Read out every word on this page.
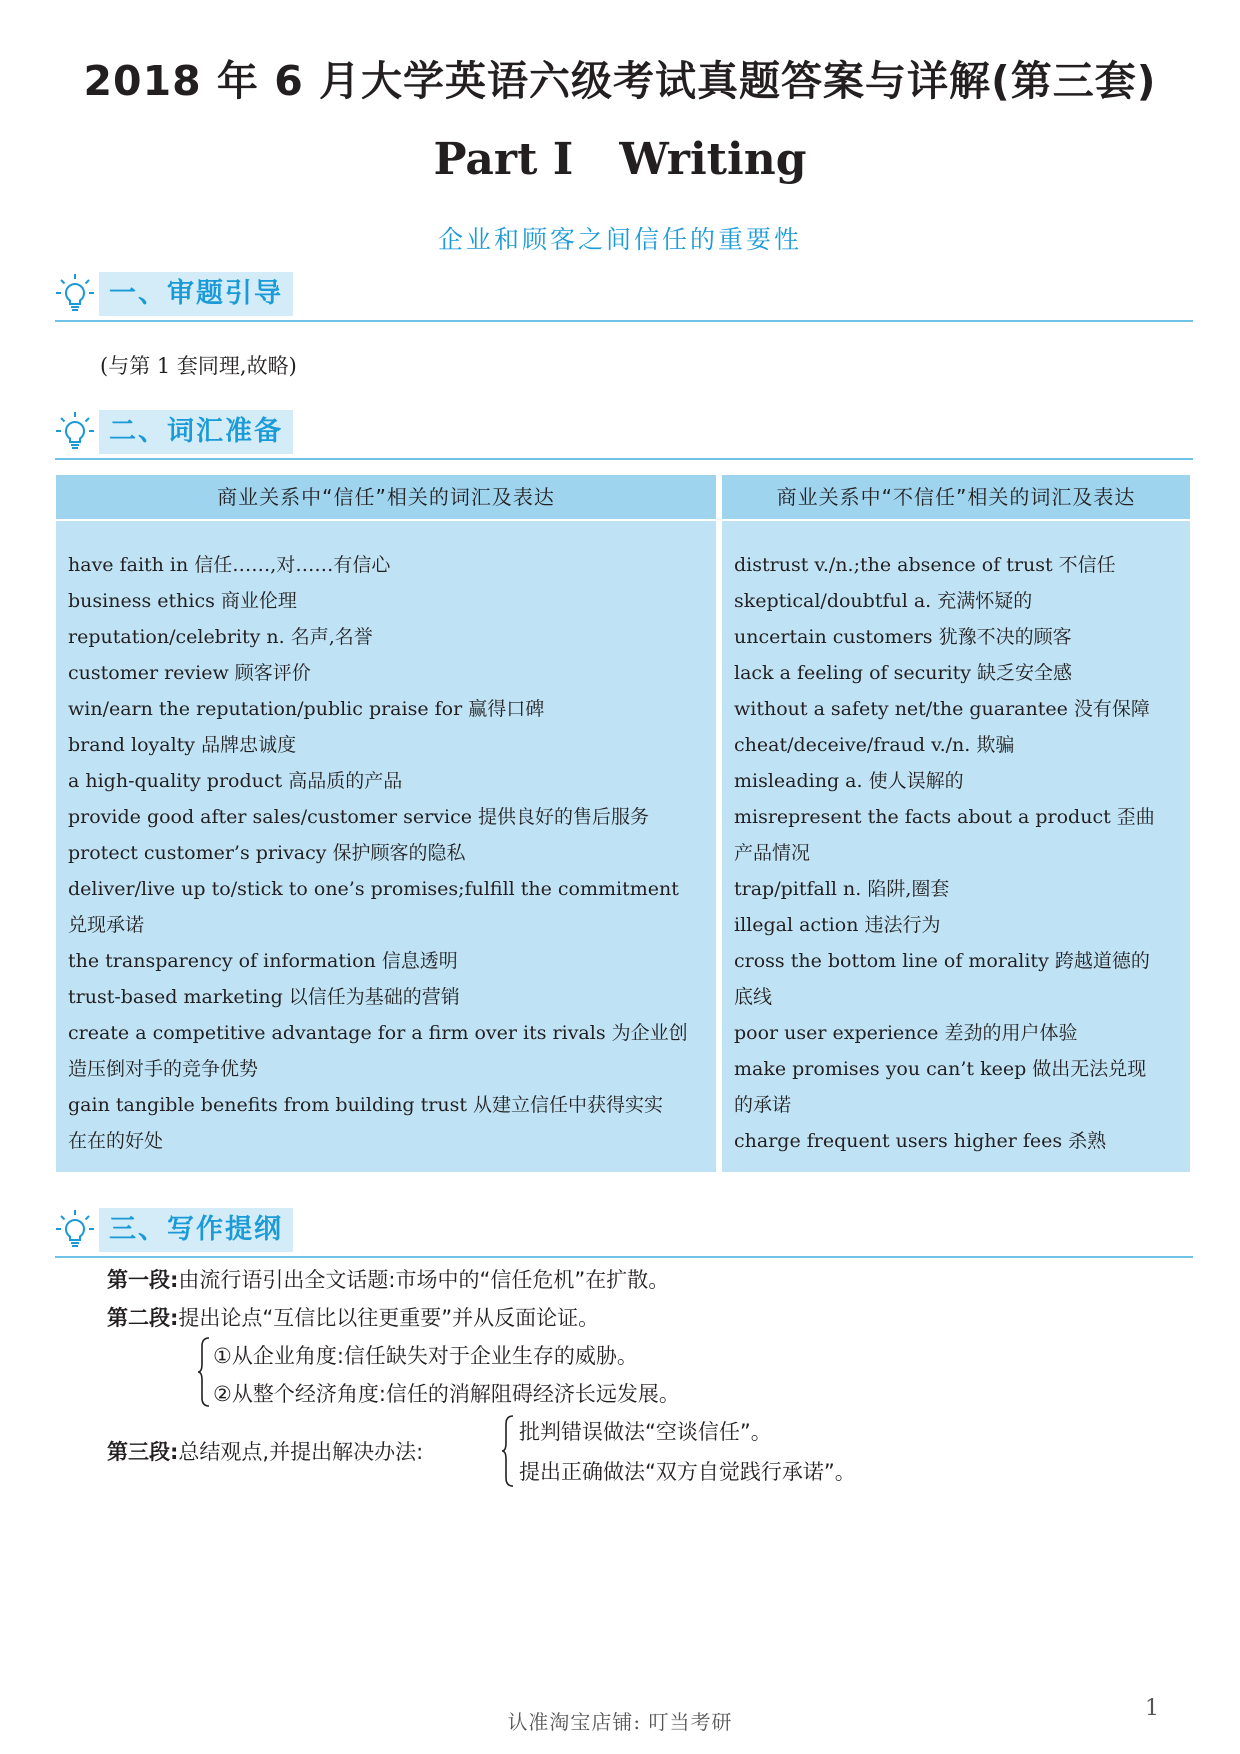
2018 年 6 月大学英语六级考试真题答案与详解(第三套)
Part I Writing
企业和顾客之间信任的重要性
一、审题引导
(与第 1 套同理,故略)
二、词汇准备
商业关系中“信任”相关的词汇及表达
have faith in 信任……,对……有信心
business ethics 商业伦理
reputation/celebrity n. 名声,名誉
customer review 顾客评价
win/earn the reputation/public praise for 赢得口碑
brand loyalty 品牌忠诚度
a high-quality product 高品质的产品
provide good after sales/customer service 提供良好的售后服务
protect customer’s privacy 保护顾客的隐私
deliver/live up to/stick to one’s promises;fulfill the commitment
兑现承诺
the transparency of information 信息透明
trust-based marketing 以信任为基础的营销
create a competitive advantage for a firm over its rivals 为企业创
造压倒对手的竞争优势
gain tangible benefits from building trust 从建立信任中获得实实
在在的好处
商业关系中“不信任”相关的词汇及表达
distrust v./n.;the absence of trust 不信任
skeptical/doubtful a. 充满怀疑的
uncertain customers 犹豫不决的顾客
lack a feeling of security 缺乏安全感
without a safety net/the guarantee 没有保障
cheat/deceive/fraud v./n. 欺骗
misleading a. 使人误解的
misrepresent the facts about a product 歪曲
产品情况
trap/pitfall n. 陷阱,圈套
illegal action 违法行为
cross the bottom line of morality 跨越道德的
底线
poor user experience 差劲的用户体验
make promises you can’t keep 做出无法兑现
的承诺
charge frequent users higher fees 杀熟
三、写作提纲
第一段:由流行语引出全文话题:市场中的“信任危机”在扩散。
第二段:提出论点“互信比以往更重要”并从反面论证。
①从企业角度:信任缺失对于企业生存的威胁。
②从整个经济角度:信任的消解阻碍经济长远发展。
第三段:总结观点,并提出解决办法:
批判错误做法“空谈信任”。
提出正确做法“双方自觉践行承诺”。
认准淘宝店铺: 叮当考研
1
